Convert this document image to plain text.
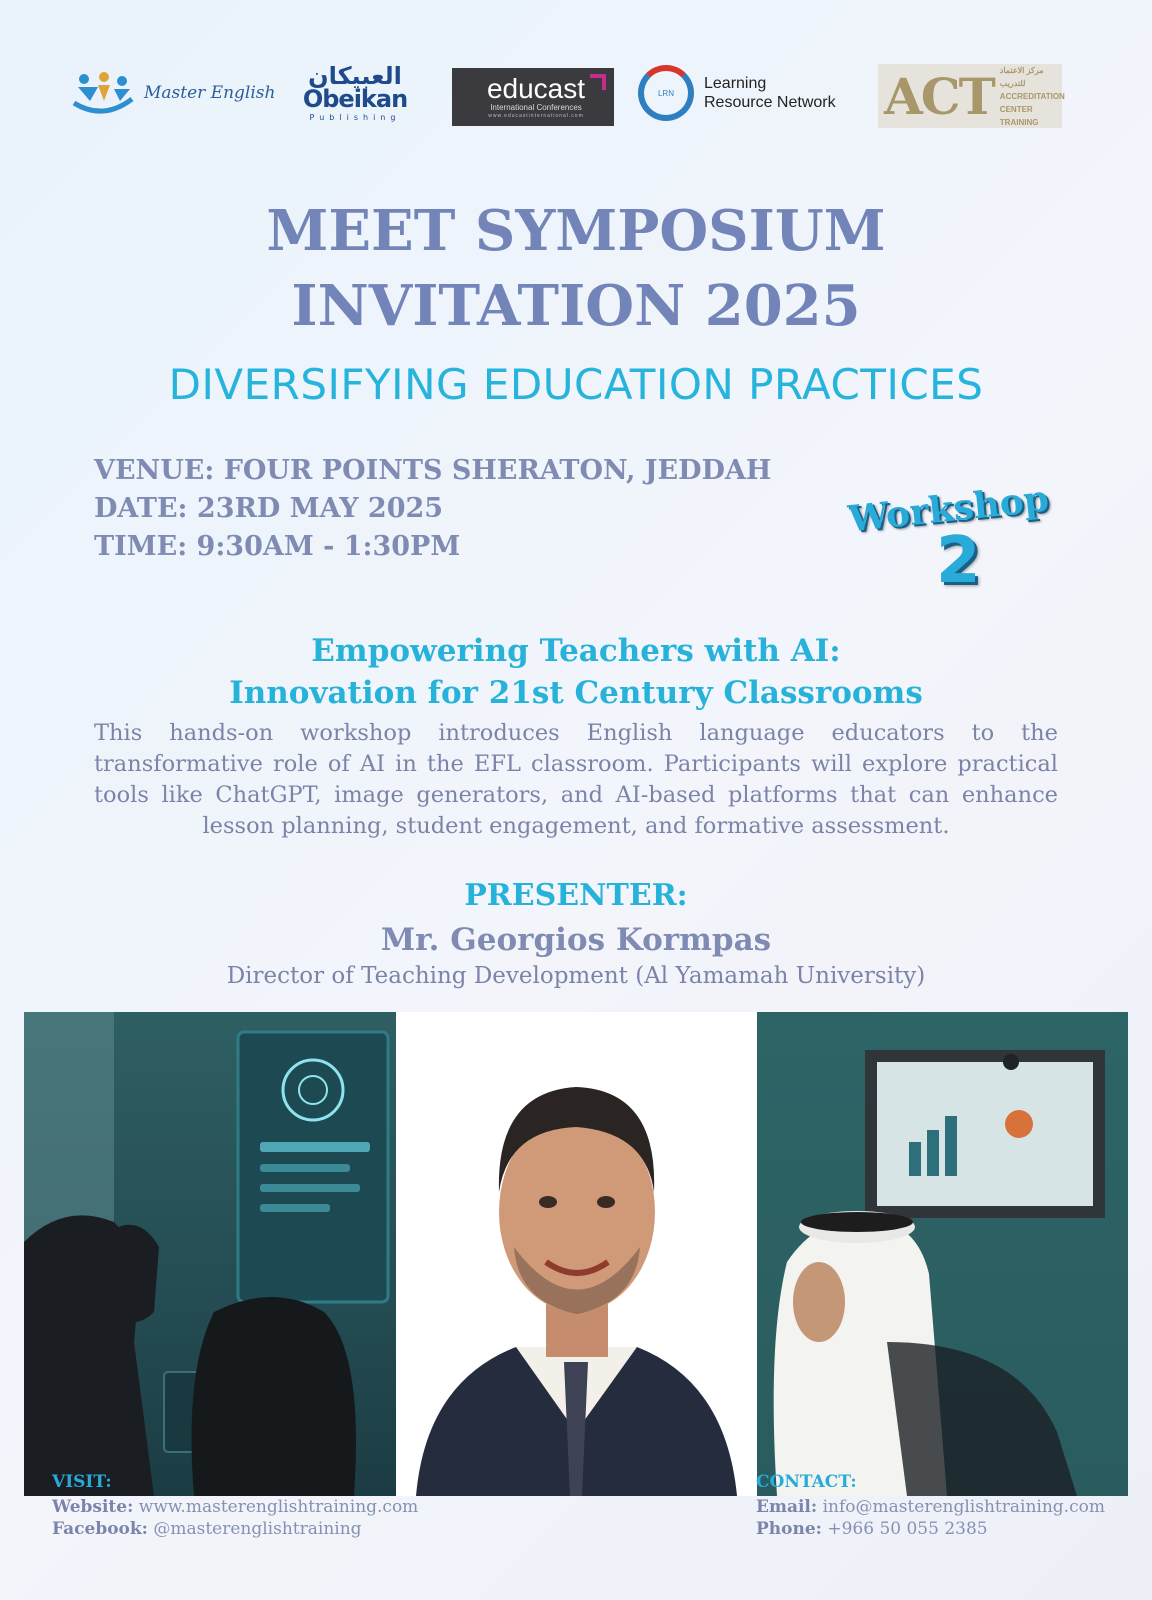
Master English
العبيكان
Obeikan
Publishing
educast
International Conferences
www.educastinternational.com
LRN
Learning
Resource Network ACT مركز الاعتماد للتدريب
ACCREDITATION
CENTER
TRAINING
MEET SYMPOSIUM
INVITATION 2025
DIVERSIFYING EDUCATION PRACTICES
VENUE: FOUR POINTS SHERATON, JEDDAH
DATE: 23RD MAY 2025
TIME: 9:30AM - 1:30PM
Workshop
2
Empowering Teachers with AI:
Innovation for 21st Century Classrooms
This hands-on workshop introduces English language educators to the transformative role of AI in the EFL classroom. Participants will explore practical tools like ChatGPT, image generators, and AI-based platforms that can enhance lesson planning, student engagement, and formative assessment.
PRESENTER:
Mr. Georgios Kormpas
Director of Teaching Development (Al Yamamah University)
VISIT:
Website: www.masterenglishtraining.com
Facebook: @masterenglishtraining
CONTACT:
Email: info@masterenglishtraining.com
Phone: +966 50 055 2385
